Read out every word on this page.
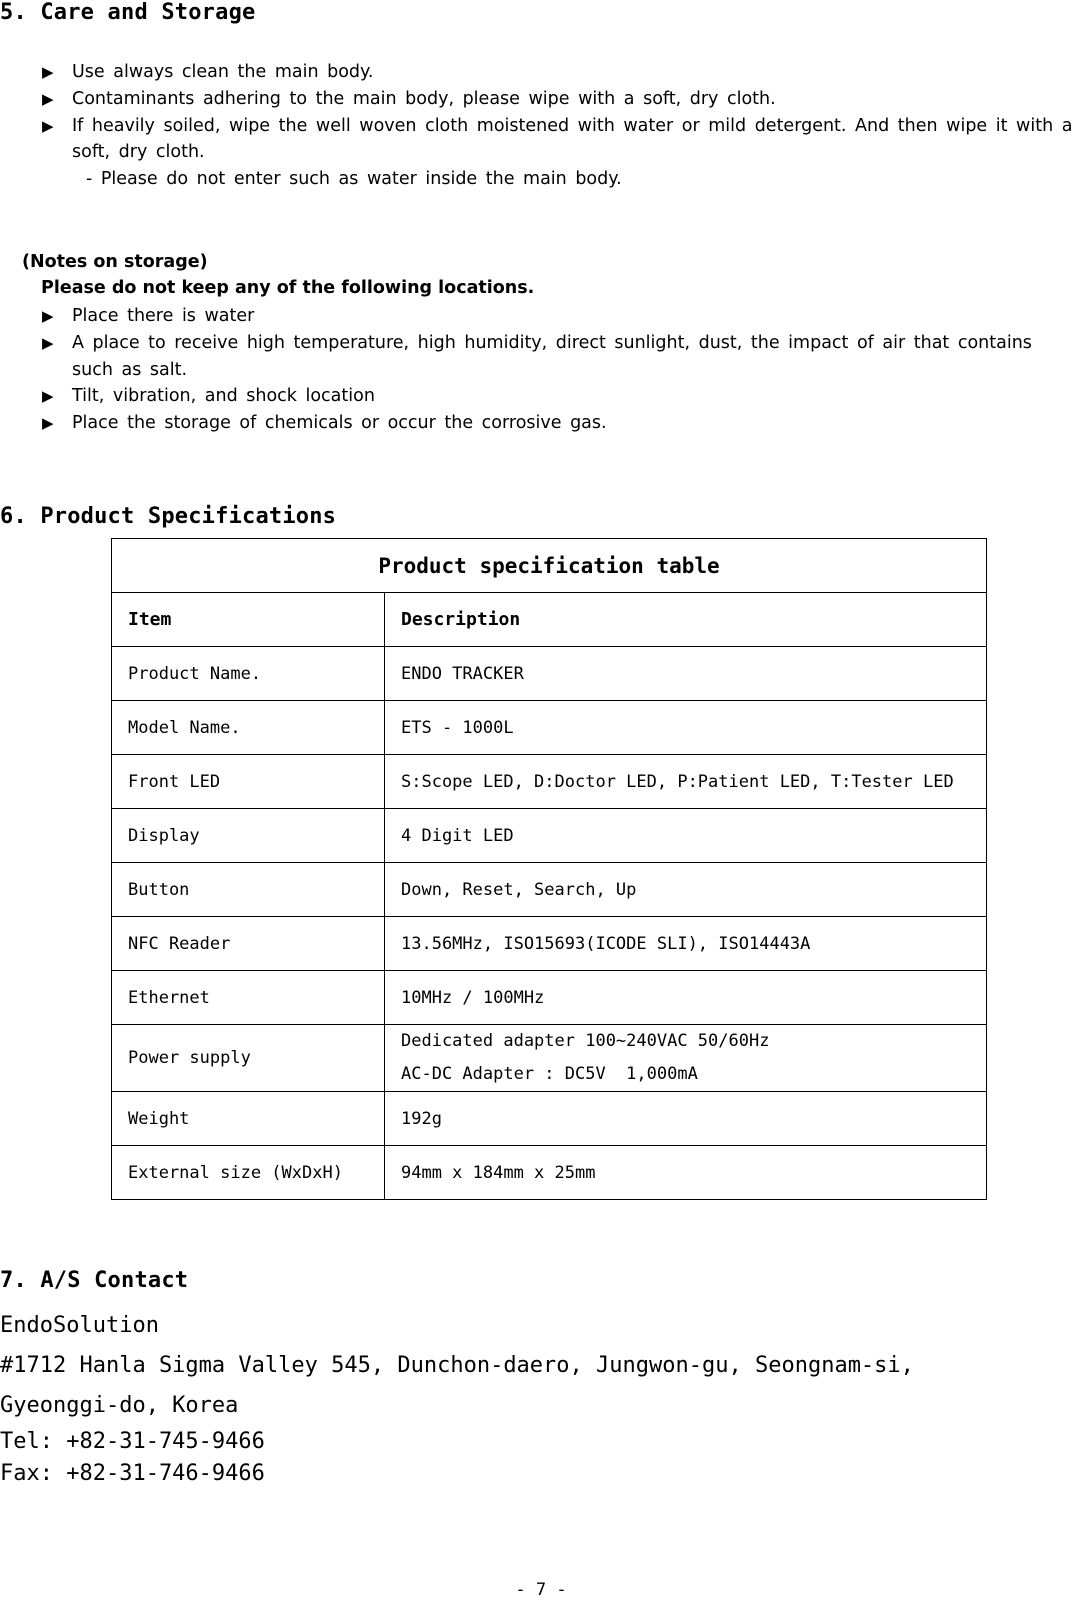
5. Care and Storage
▶ Use always clean the main body.
▶ Contaminants adhering to the main body, please wipe with a soft, dry cloth.
▶ If heavily soiled, wipe the well woven cloth moistened with water or mild detergent. And then wipe it with a soft, dry cloth.
- Please do not enter such as water inside the main body.
(Notes on storage)
Please do not keep any of the following locations.
▶ Place there is water
▶ A place to receive high temperature, high humidity, direct sunlight, dust, the impact of air that contains such as salt.
▶ Tilt, vibration, and shock location
▶ Place the storage of chemicals or occur the corrosive gas.
6. Product Specifications
Product specification table	
Item	Description
Product Name.	ENDO TRACKER
Model Name.	ETS - 1000L
Front LED	S:Scope LED, D:Doctor LED, P:Patient LED, T:Tester LED
Display	4 Digit LED
Button	Down, Reset, Search, Up
NFC Reader	13.56MHz, ISO15693(ICODE SLI), ISO14443A
Ethernet	10MHz / 100MHz
Power supply	Dedicated adapter 100~240VAC 50/60Hz
AC-DC Adapter : DC5V  1,000mA

Weight	192g
External size (WxDxH)	94mm x 184mm x 25mm
7. A/S Contact
EndoSolution
#1712 Hanla Sigma Valley 545, Dunchon-daero, Jungwon-gu, Seongnam-si,
Gyeonggi-do, Korea
Tel: +82-31-745-9466
Fax: +82-31-746-9466
- 7 -
